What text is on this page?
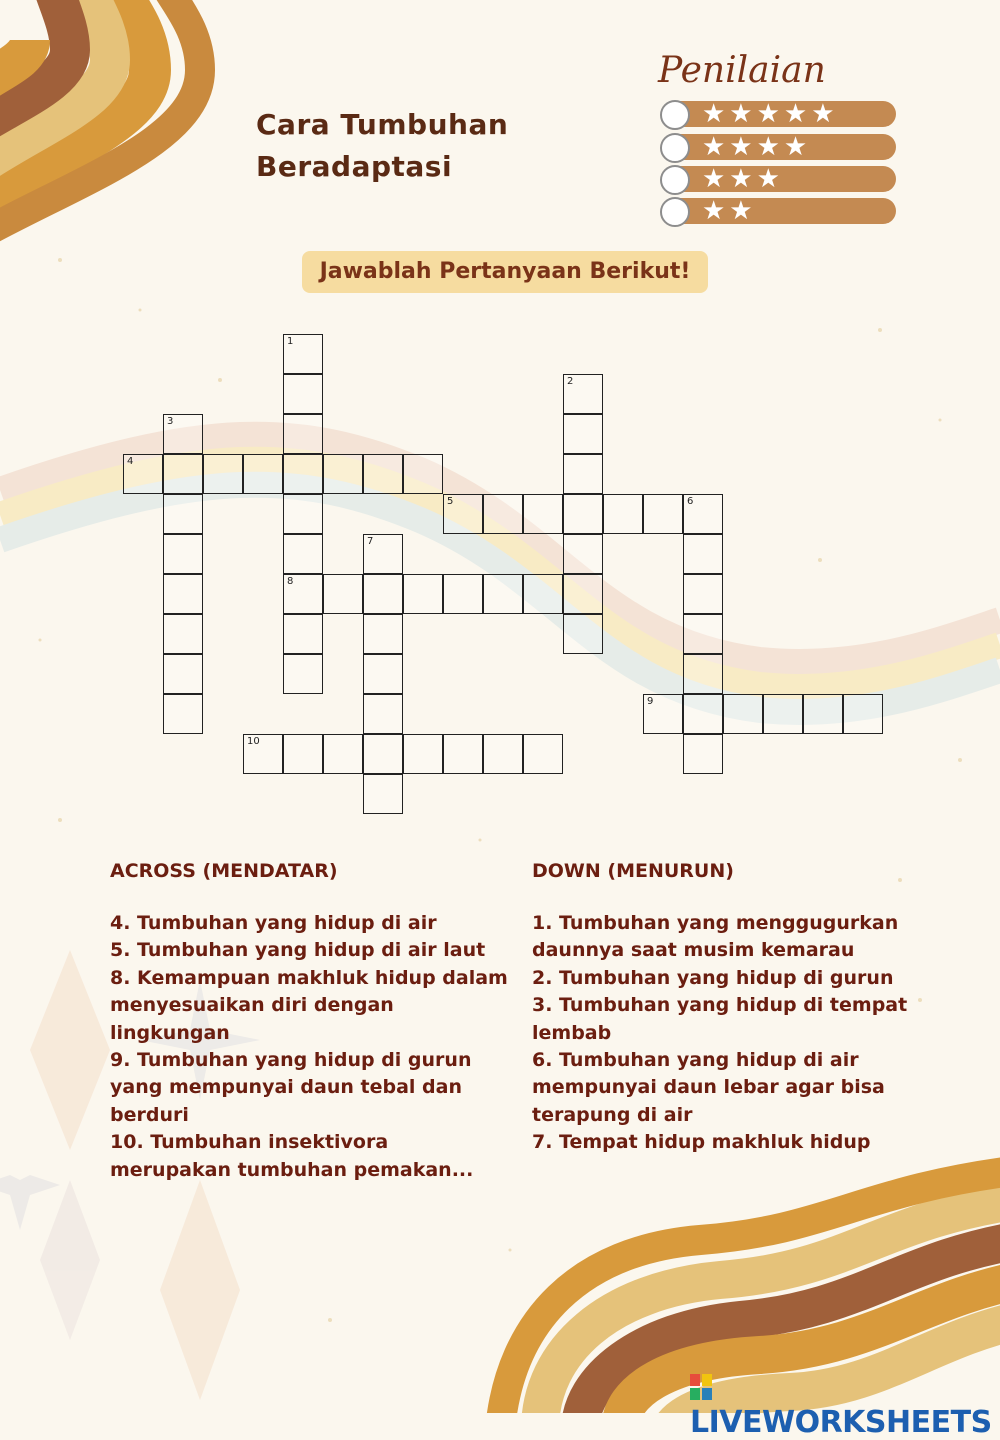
Cara Tumbuhan
Beradaptasi
Penilaian
★★★★★
★★★★
★★★
★★
Jawablah Pertanyaan Berikut!
1
8
2
3
4
5	6
7
9
10
ACROSS (MENDATAR)
4. Tumbuhan yang hidup di air
5. Tumbuhan yang hidup di air laut
8. Kemampuan makhluk hidup dalam menyesuaikan diri dengan lingkungan
9. Tumbuhan yang hidup di gurun yang mempunyai daun tebal dan berduri
10. Tumbuhan insektivora merupakan tumbuhan pemakan...
DOWN (MENURUN)
1. Tumbuhan yang menggugurkan daunnya saat musim kemarau
2. Tumbuhan yang hidup di gurun
3. Tumbuhan yang hidup di tempat lembab
6. Tumbuhan yang hidup di air mempunyai daun lebar agar bisa terapung di air
7. Tempat hidup makhluk hidup
LIVEWORKSHEETS
